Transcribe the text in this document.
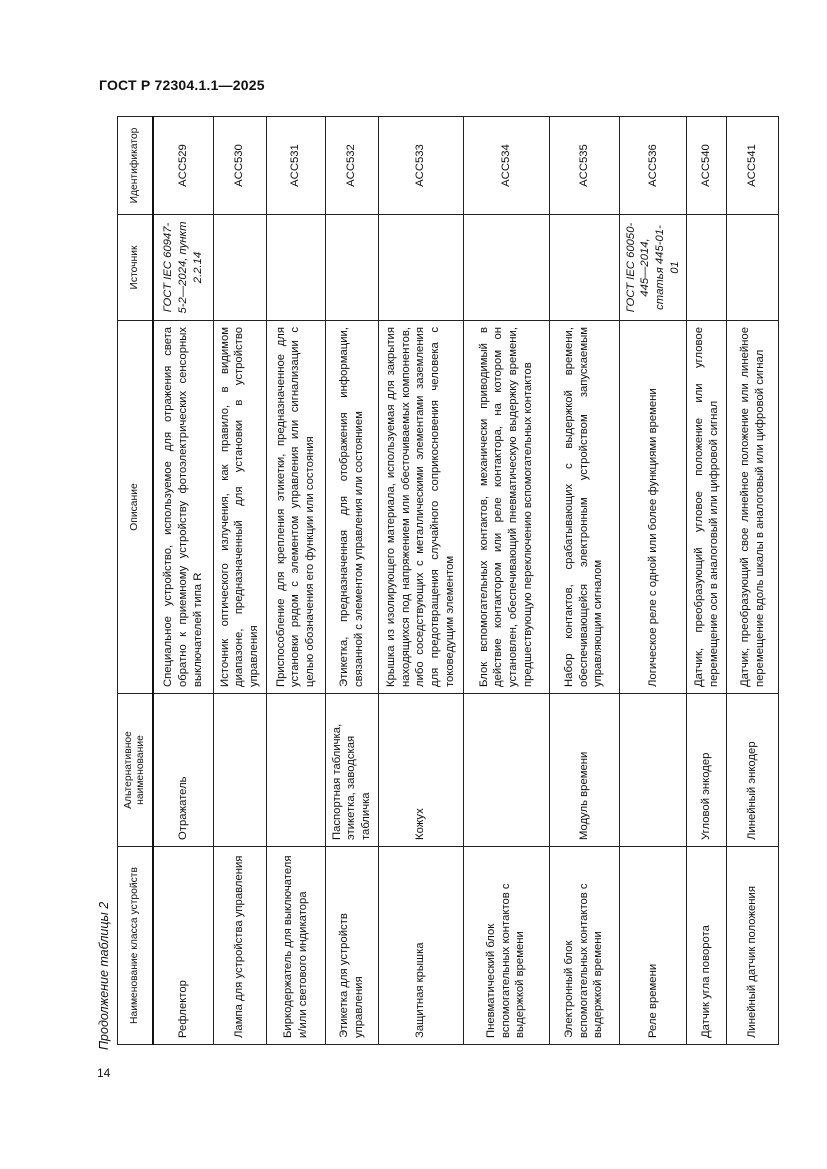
ГОСТ Р 72304.1.1—2025
Продолжение таблицы 2
14
Наименование класса устройств	Альтернативное наименование	Описание	Источник	Идентификатор
Рефлектор	Отражатель	Специальное устройство, используемое для отражения света обратно к приемному устройству фотоэлектрических сенсорных выключателей типа R	ГОСТ IEC 60947-5-2—2024, пункт 2.2.14	ACC529
Лампа для устройства управления		Источник оптического излучения, как правило, в видимом диапазоне, предназначенный для установки в устройство управления		ACC530
Биркодержатель для выключателя и/или светового индикатора		Приспособление для крепления этикетки, предназначенное для установки рядом с элементом управления или сигнализации с целью обозначения его функции или состояния		ACC531
Этикетка для устройств управления	Паспортная табличка, этикетка, заводская табличка	Этикетка, предназначенная для отображения информации, связанной с элементом управления или состоянием		ACC532
Защитная крышка	Кожух	Крышка из изолирующего материала, используемая для закрытия находящихся под напряжением или обесточиваемых компонентов, либо соседствующих с металлическими элементами заземления для предотвращения случайного соприкосновения человека с токоведущим элементом		ACC533
Пневматический блок вспомогательных контактов с выдержкой времени		Блок вспомогательных контактов, механически приводимый в действие контактором или реле контактора, на котором он установлен, обеспечивающий пневматическую выдержку времени, предшествующую переключению вспомогательных контактов		ACC534
Электронный блок вспомогательных контактов с выдержкой времени	Модуль времени	Набор контактов, срабатывающих с выдержкой времени, обеспечивающейся электронным устройством запускаемым управляющим сигналом		ACC535
Реле времени		Логическое реле с одной или более функциями времени	ГОСТ IEC 60050-445—2014, статья 445-01-01	ACC536
Датчик угла поворота	Угловой энкодер	Датчик, преобразующий угловое положение или угловое перемещение оси в аналоговый или цифровой сигнал		ACC540
Линейный датчик положения	Линейный энкодер	Датчик, преобразующий свое линейное положение или линейное перемещение вдоль шкалы в аналоговый или цифровой сигнал		ACC541
